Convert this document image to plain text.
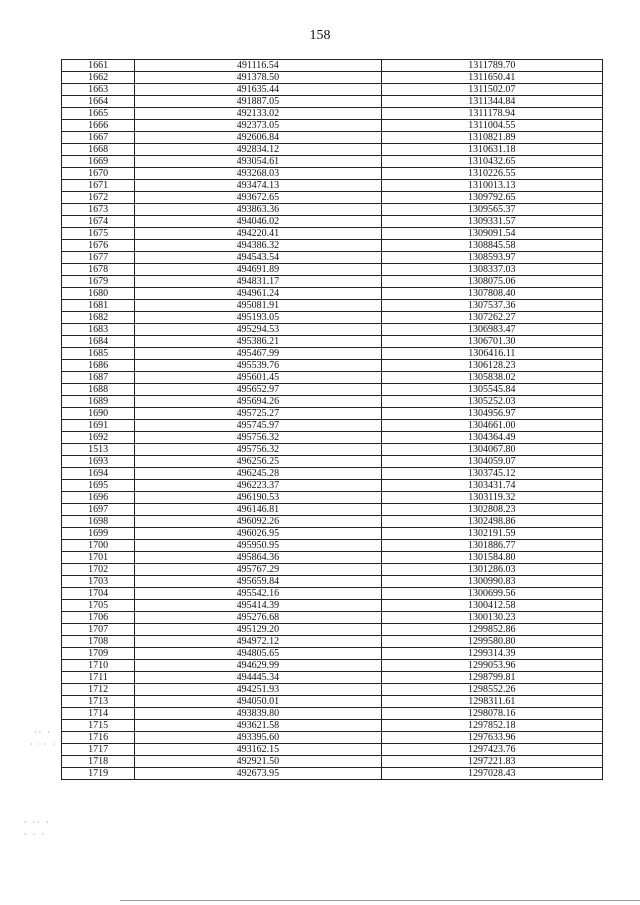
158
1661	491116.54	1311789.70
1662	491378.50	1311650.41
1663	491635.44	1311502.07
1664	491887.05	1311344.84
1665	492133.02	1311178.94
1666	492373.05	1311004.55
1667	492606.84	1310821.89
1668	492834.12	1310631.18
1669	493054.61	1310432.65
1670	493268.03	1310226.55
1671	493474.13	1310013.13
1672	493672.65	1309792.65
1673	493863.36	1309565.37
1674	494046.02	1309331.57
1675	494220.41	1309091.54
1676	494386.32	1308845.58
1677	494543.54	1308593.97
1678	494691.89	1308337.03
1679	494831.17	1308075.06
1680	494961.24	1307808.40
1681	495081.91	1307537.36
1682	495193.05	1307262.27
1683	495294.53	1306983.47
1684	495386.21	1306701.30
1685	495467.99	1306416.11
1686	495539.76	1306128.23
1687	495601.45	1305838.02
1688	495652.97	1305545.84
1689	495694.26	1305252.03
1690	495725.27	1304956.97
1691	495745.97	1304661.00
1692	495756.32	1304364.49
1513	495756.32	1304067.80
1693	496256.25	1304059.07
1694	496245.28	1303745.12
1695	496223.37	1303431.74
1696	496190.53	1303119.32
1697	496146.81	1302808.23
1698	496092.26	1302498.86
1699	496026.95	1302191.59
1700	495950.95	1301886.77
1701	495864.36	1301584.80
1702	495767.29	1301286.03
1703	495659.84	1300990.83
1704	495542.16	1300699.56
1705	495414.39	1300412.58
1706	495276.68	1300130.23
1707	495129.20	1299852.86
1708	494972.12	1299580.80
1709	494805.65	1299314.39
1710	494629.99	1299053.96
1711	494445.34	1298799.81
1712	494251.93	1298552.26
1713	494050.01	1298311.61
1714	493839.80	1298078.16
1715	493621.58	1297852.18
1716	493395.60	1297633.96
1717	493162.15	1297423.76
1718	492921.50	1297221.83
1719	492673.95	1297028.43
·· ·
· ·· ·
· ·· ·
· · ·
